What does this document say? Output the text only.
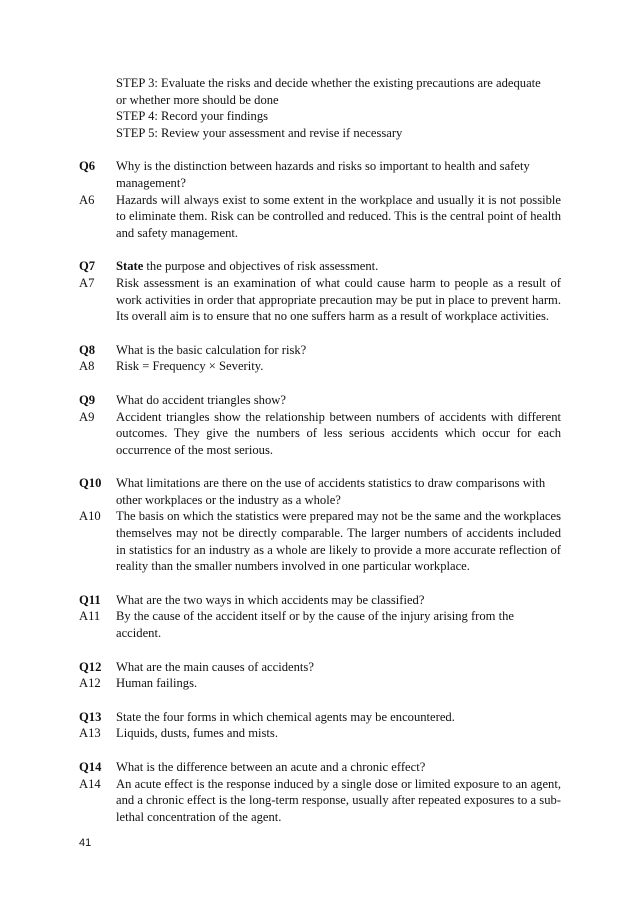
STEP 3: Evaluate the risks and decide whether the existing precautions are adequate
or whether more should be done
STEP 4: Record your findings
STEP 5: Review your assessment and revise if necessary
Q6	Why is the distinction between hazards and risks so important to health and safety management?
A6	Hazards will always exist to some extent in the workplace and usually it is not possible to eliminate them. Risk can be controlled and reduced. This is the central point of health and safety management.
Q7	State the purpose and objectives of risk assessment.
A7	Risk assessment is an examination of what could cause harm to people as a result of work activities in order that appropriate precaution may be put in place to prevent harm. Its overall aim is to ensure that no one suffers harm as a result of workplace activities.
Q8	What is the basic calculation for risk?
A8	Risk = Frequency × Severity.
Q9	What do accident triangles show?
A9	Accident triangles show the relationship between numbers of accidents with different outcomes. They give the numbers of less serious accidents which occur for each occurrence of the most serious.
Q10	What limitations are there on the use of accidents statistics to draw comparisons with other workplaces or the industry as a whole?
A10	The basis on which the statistics were prepared may not be the same and the workplaces themselves may not be directly comparable. The larger numbers of accidents included in statistics for an industry as a whole are likely to provide a more accurate reflection of reality than the smaller numbers involved in one particular workplace.
Q11	What are the two ways in which accidents may be classified?
A11	By the cause of the accident itself or by the cause of the injury arising from the
accident.
Q12	What are the main causes of accidents?
A12	Human failings.
Q13	State the four forms in which chemical agents may be encountered.
A13	Liquids, dusts, fumes and mists.
Q14	What is the difference between an acute and a chronic effect?
A14	An acute effect is the response induced by a single dose or limited exposure to an agent, and a chronic effect is the long-term response, usually after repeated exposures to a sub-lethal concentration of the agent.
41
